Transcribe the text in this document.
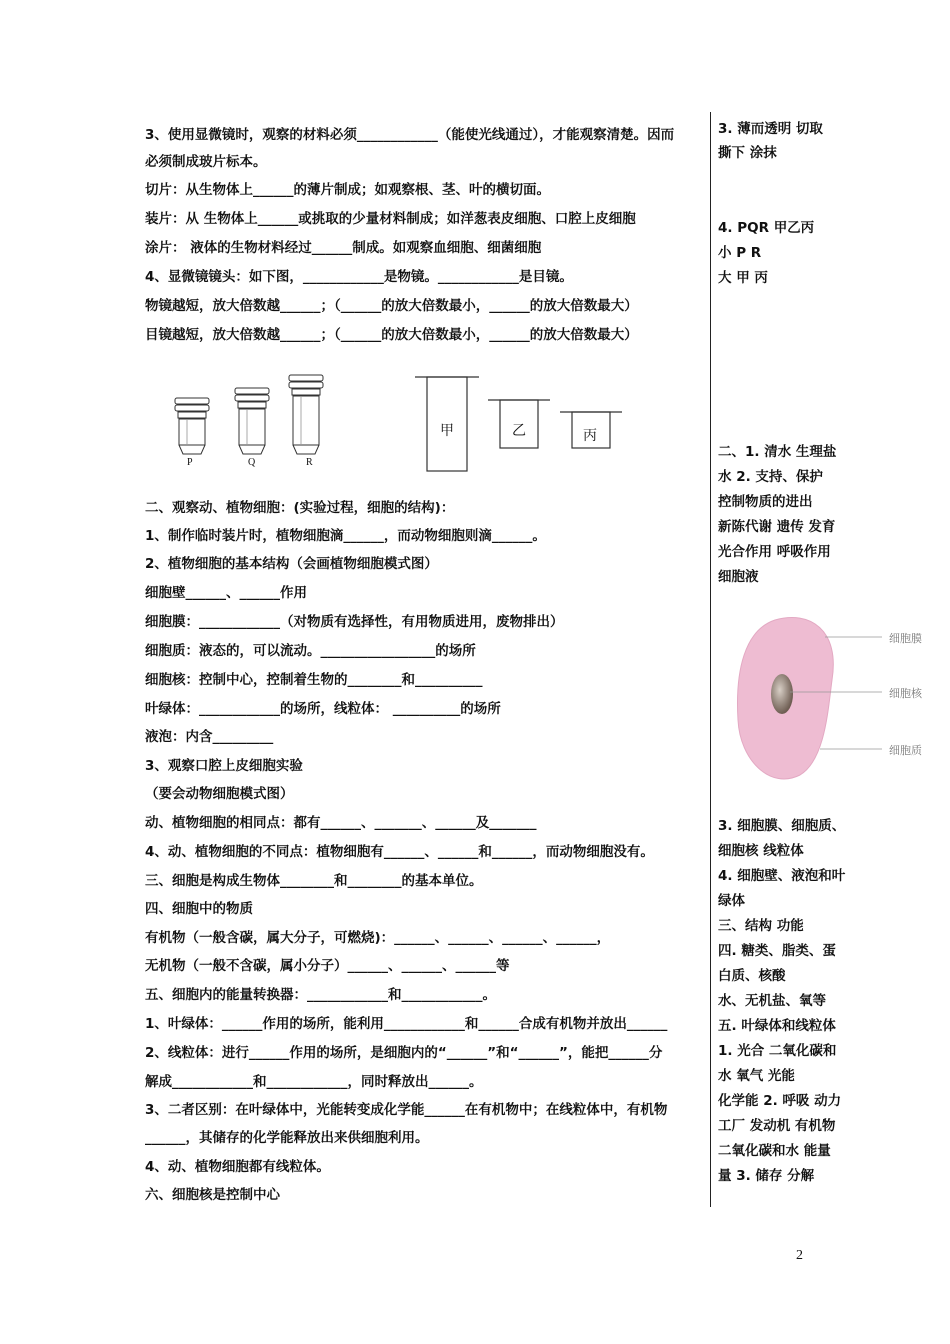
3、使用显微镜时，观察的材料必须____________（能使光线通过），才能观察清楚。因而
必须制成玻片标本。
切片：从生物体上______的薄片制成；如观察根、茎、叶的横切面。
装片：从 生物体上______或挑取的少量材料制成；如洋葱表皮细胞、口腔上皮细胞
涂片： 液体的生物材料经过______制成。如观察血细胞、细菌细胞
4、显微镜镜头：如下图，____________是物镜。____________是目镜。
物镜越短，放大倍数越______；（______的放大倍数最小，______的放大倍数最大）
目镜越短，放大倍数越______；（______的放大倍数最小，______的放大倍数最大）
二、观察动、植物细胞：(实验过程，细胞的结构)：
1、制作临时装片时，植物细胞滴______，而动物细胞则滴______。
2、植物细胞的基本结构（会画植物细胞模式图）
细胞壁______、______作用
细胞膜：____________（对物质有选择性，有用物质进用，废物排出）
细胞质：液态的，可以流动。_________________的场所
细胞核：控制中心，控制着生物的________和__________
叶绿体：____________的场所，线粒体： __________的场所
液泡：内含_________
3、观察口腔上皮细胞实验
（要会动物细胞模式图）
动、植物细胞的相同点：都有______、_______、______及_______
4、动、植物细胞的不同点：植物细胞有______、______和______，而动物细胞没有。
三、细胞是构成生物体________和________的基本单位。
四、细胞中的物质
有机物（一般含碳，属大分子，可燃烧)：______、______、______、______，
无机物（一般不含碳，属小分子）______、______、______等
五、细胞内的能量转换器：____________和____________。
1、叶绿体：______作用的场所，能利用____________和______合成有机物并放出______
2、线粒体：进行______作用的场所，是细胞内的“______”和“______”，能把______分
解成____________和____________，同时释放出______。
3、二者区别：在叶绿体中，光能转变成化学能______在有机物中；在线粒体中，有机物
______，其储存的化学能释放出来供细胞利用。
4、动、植物细胞都有线粒体。
六、细胞核是控制中心
P	Q	R
甲	乙	丙
3. 薄而透明 切取
撕下 涂抹
4. PQR 甲乙丙
小 P R
大 甲 丙
二、1. 清水 生理盐
水 2. 支持、保护
控制物质的进出
新陈代谢 遗传 发育
光合作用 呼吸作用
细胞液
3. 细胞膜、细胞质、
细胞核 线粒体
4. 细胞壁、液泡和叶
绿体
三、结构 功能
四. 糖类、脂类、蛋
白质、核酸
水、无机盐、氧等
五. 叶绿体和线粒体
1. 光合 二氧化碳和
水 氧气 光能
化学能 2. 呼吸 动力
工厂 发动机 有机物
二氧化碳和水 能量
量 3. 储存 分解
细胞膜
细胞核
细胞质
2
